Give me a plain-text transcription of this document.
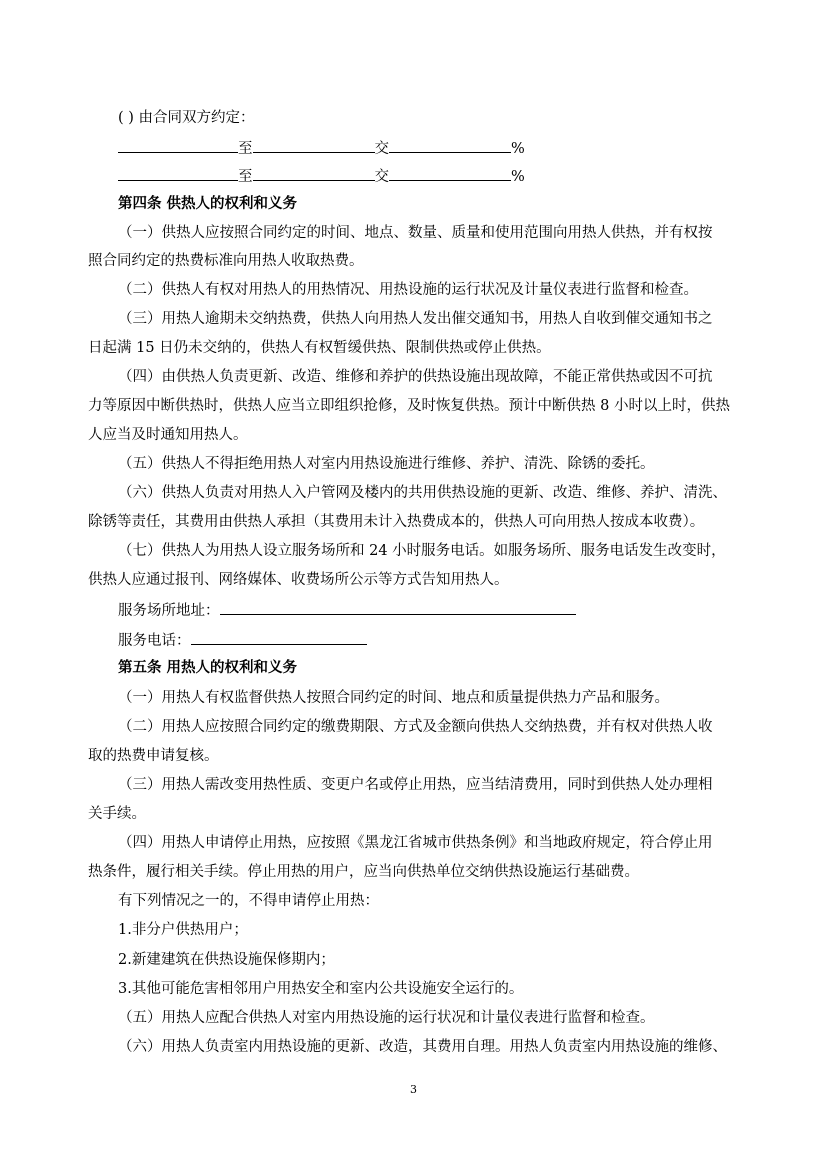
( ) 由合同双方约定：
至	交	%
至	交	%
第四条 供热人的权利和义务
（一）供热人应按照合同约定的时间、地点、数量、质量和使用范围向用热人供热，并有权按
照合同约定的热费标准向用热人收取热费。
（二）供热人有权对用热人的用热情况、用热设施的运行状况及计量仪表进行监督和检查。
（三）用热人逾期未交纳热费，供热人向用热人发出催交通知书，用热人自收到催交通知书之
日起满 15 日仍未交纳的，供热人有权暂缓供热、限制供热或停止供热。
（四）由供热人负责更新、改造、维修和养护的供热设施出现故障，不能正常供热或因不可抗
力等原因中断供热时，供热人应当立即组织抢修，及时恢复供热。预计中断供热 8 小时以上时，供热
人应当及时通知用热人。
（五）供热人不得拒绝用热人对室内用热设施进行维修、养护、清洗、除锈的委托。
（六）供热人负责对用热人入户管网及楼内的共用供热设施的更新、改造、维修、养护、清洗、
除锈等责任，其费用由供热人承担（其费用未计入热费成本的，供热人可向用热人按成本收费）。
（七）供热人为用热人设立服务场所和 24 小时服务电话。如服务场所、服务电话发生改变时，
供热人应通过报刊、网络媒体、收费场所公示等方式告知用热人。
服务场所地址：
服务电话：
第五条 用热人的权利和义务
（一）用热人有权监督供热人按照合同约定的时间、地点和质量提供热力产品和服务。
（二）用热人应按照合同约定的缴费期限、方式及金额向供热人交纳热费，并有权对供热人收
取的热费申请复核。
（三）用热人需改变用热性质、变更户名或停止用热，应当结清费用，同时到供热人处办理相
关手续。
（四）用热人申请停止用热，应按照《黑龙江省城市供热条例》和当地政府规定，符合停止用
热条件，履行相关手续。停止用热的用户，应当向供热单位交纳供热设施运行基础费。
有下列情况之一的，不得申请停止用热：
1.非分户供热用户；
2.新建建筑在供热设施保修期内；
3.其他可能危害相邻用户用热安全和室内公共设施安全运行的。
（五）用热人应配合供热人对室内用热设施的运行状况和计量仪表进行监督和检查。
（六）用热人负责室内用热设施的更新、改造，其费用自理。用热人负责室内用热设施的维修、
3
